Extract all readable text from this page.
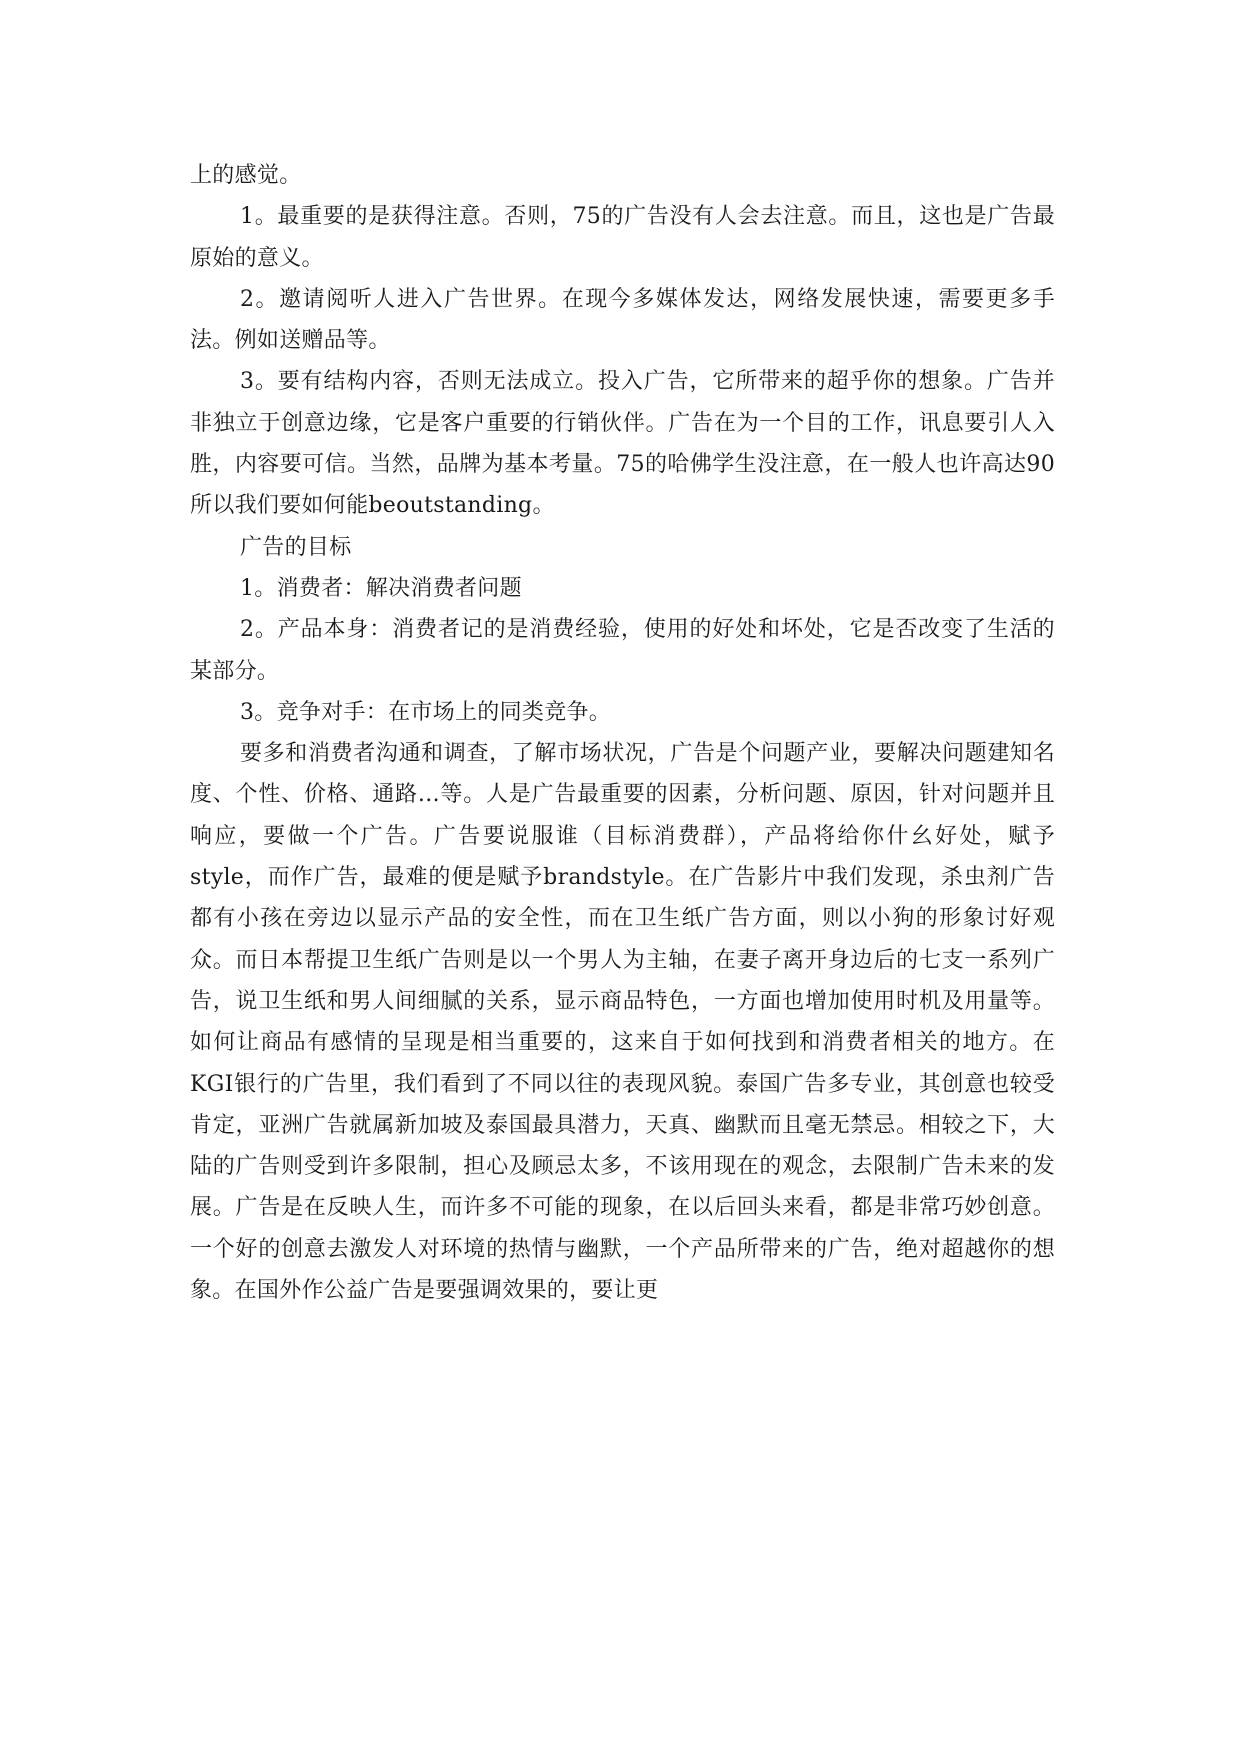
上的感觉。

1。最重要的是获得注意。否则，75的广告没有人会去注意。而且，这也是广告最原始的意义。

2。邀请阅听人进入广告世界。在现今多媒体发达，网络发展快速，需要更多手法。例如送赠品等。

3。要有结构内容，否则无法成立。投入广告，它所带来的超乎你的想象。广告并非独立于创意边缘，它是客户重要的行销伙伴。广告在为一个目的工作，讯息要引人入胜，内容要可信。当然，品牌为基本考量。75的哈佛学生没注意，在一般人也许高达90所以我们要如何能beoutstanding。

广告的目标

1。消费者：解决消费者问题

2。产品本身：消费者记的是消费经验，使用的好处和坏处，它是否改变了生活的某部分。

3。竞争对手：在市场上的同类竞争。

要多和消费者沟通和调查，了解市场状况，广告是个问题产业，要解决问题建知名度、个性、价格、通路…等。人是广告最重要的因素，分析问题、原因，针对问题并且响应，要做一个广告。广告要说服谁（目标消费群），产品将给你什幺好处，赋予style，而作广告，最难的便是赋予brandstyle。在广告影片中我们发现，杀虫剂广告都有小孩在旁边以显示产品的安全性，而在卫生纸广告方面，则以小狗的形象讨好观众。而日本帮提卫生纸广告则是以一个男人为主轴，在妻子离开身边后的七支一系列广告，说卫生纸和男人间细腻的关系，显示商品特色，一方面也增加使用时机及用量等。如何让商品有感情的呈现是相当重要的，这来自于如何找到和消费者相关的地方。在KGI银行的广告里，我们看到了不同以往的表现风貌。泰国广告多专业，其创意也较受肯定，亚洲广告就属新加坡及泰国最具潜力，天真、幽默而且毫无禁忌。相较之下，大陆的广告则受到许多限制，担心及顾忌太多，不该用现在的观念，去限制广告未来的发展。广告是在反映人生，而许多不可能的现象，在以后回头来看，都是非常巧妙创意。一个好的创意去激发人对环境的热情与幽默，一个产品所带来的广告，绝对超越你的想象。在国外作公益广告是要强调效果的，要让更
